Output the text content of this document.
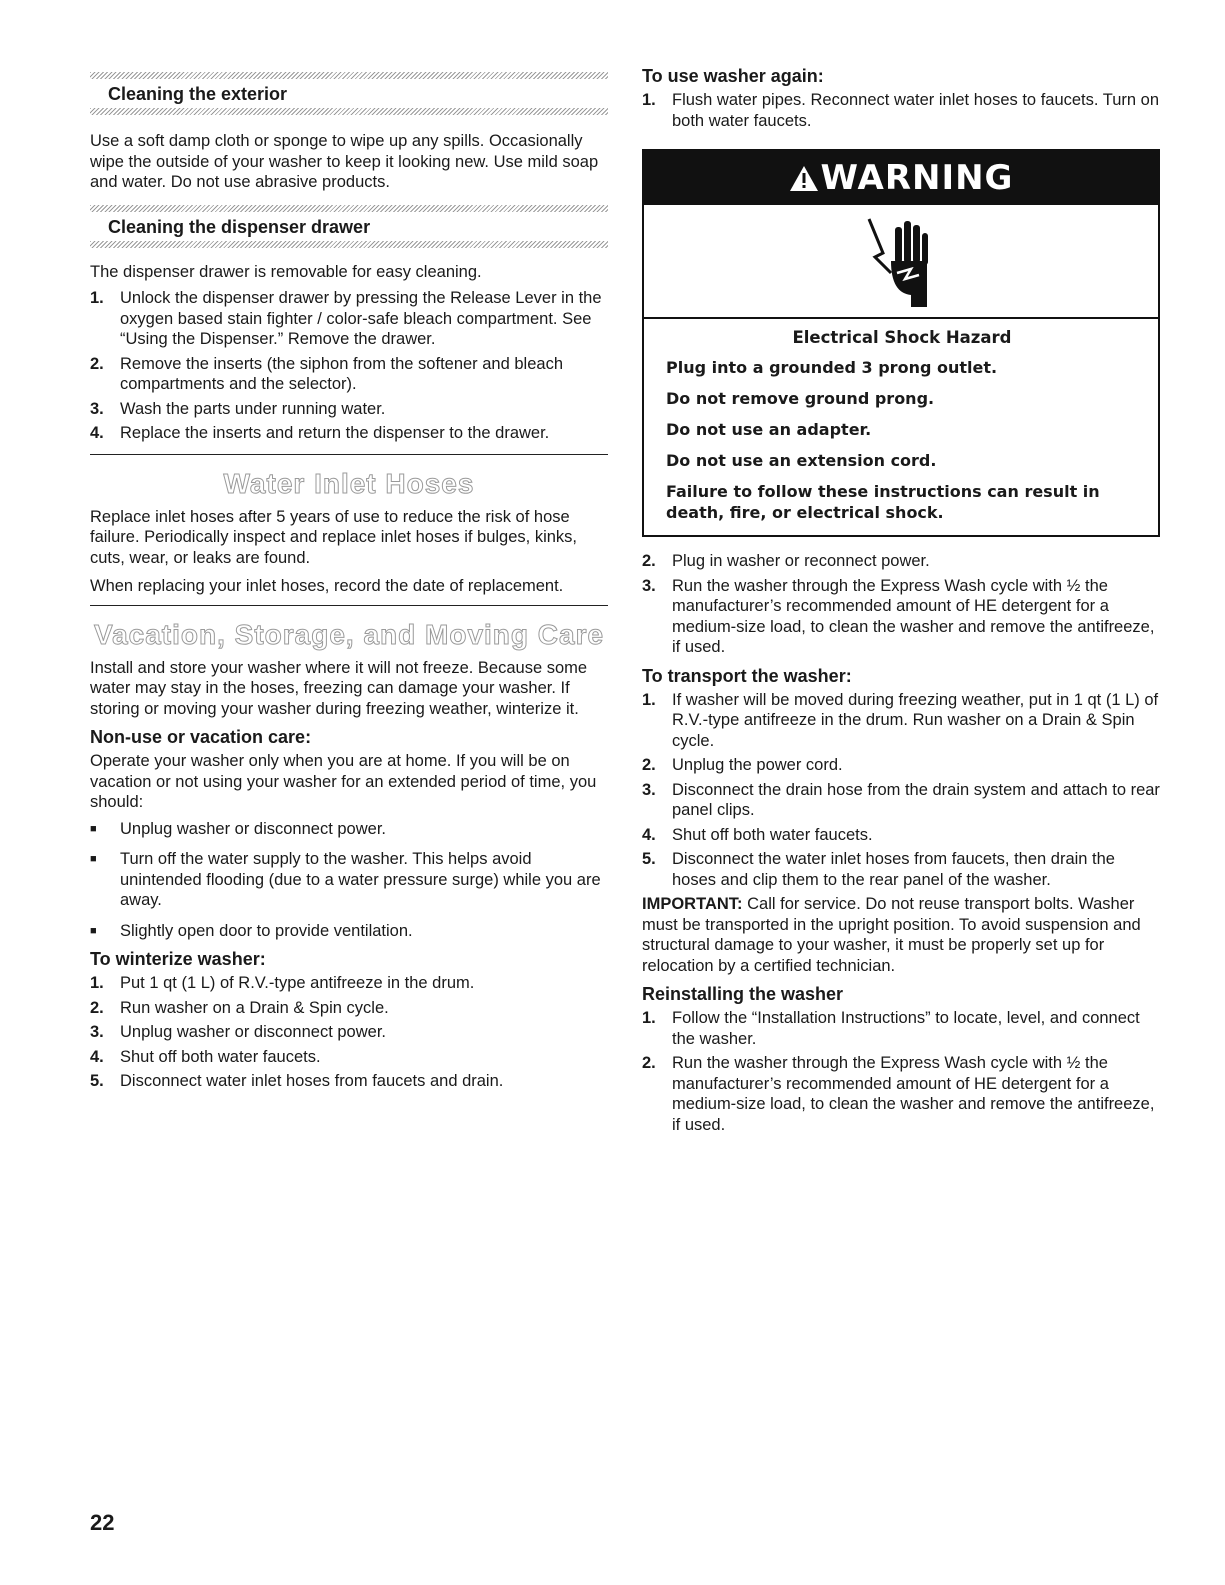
Cleaning the exterior

Use a soft damp cloth or sponge to wipe up any spills. Occasionally wipe the outside of your washer to keep it looking new. Use mild soap and water. Do not use abrasive products.

Cleaning the dispenser drawer

The dispenser drawer is removable for easy cleaning.

1. Unlock the dispenser drawer by pressing the Release Lever in the oxygen based stain fighter / color-safe bleach compartment. See “Using the Dispenser.” Remove the drawer.
2. Remove the inserts (the siphon from the softener and bleach compartments and the selector).
3. Wash the parts under running water.
4. Replace the inserts and return the dispenser to the drawer.
Water Inlet Hoses

Replace inlet hoses after 5 years of use to reduce the risk of hose failure. Periodically inspect and replace inlet hoses if bulges, kinks, cuts, wear, or leaks are found.

When replacing your inlet hoses, record the date of replacement.

Vacation, Storage, and Moving Care

Install and store your washer where it will not freeze. Because some water may stay in the hoses, freezing can damage your washer. If storing or moving your washer during freezing weather, winterize it.

Non-use or vacation care:

Operate your washer only when you are at home. If you will be on vacation or not using your washer for an extended period of time, you should:

■	Unplug washer or disconnect power.
■	Turn off the water supply to the washer. This helps avoid unintended flooding (due to a water pressure surge) while you are away.
■	Slightly open door to provide ventilation.
To winterize washer:
1. Put 1 qt (1 L) of R.V.-type antifreeze in the drum.
2. Run washer on a Drain & Spin cycle.
3. Unplug washer or disconnect power.
4. Shut off both water faucets.
5. Disconnect water inlet hoses from faucets and drain.
To use washer again:
1. Flush water pipes. Reconnect water inlet hoses to faucets. Turn on both water faucets.
WARNING
Electrical Shock Hazard
Plug into a grounded 3 prong outlet.
Do not remove ground prong.
Do not use an adapter.
Do not use an extension cord.
Failure to follow these instructions can result in death, fire, or electrical shock.
2. Plug in washer or reconnect power.
3. Run the washer through the Express Wash cycle with ½ the manufacturer’s recommended amount of HE detergent for a medium-size load, to clean the washer and remove the antifreeze, if used.
To transport the washer:
1. If washer will be moved during freezing weather, put in 1 qt (1 L) of R.V.-type antifreeze in the drum. Run washer on a Drain & Spin cycle.
2. Unplug the power cord.
3. Disconnect the drain hose from the drain system and attach to rear panel clips.
4. Shut off both water faucets.
5. Disconnect the water inlet hoses from faucets, then drain the hoses and clip them to the rear panel of the washer.

IMPORTANT: Call for service. Do not reuse transport bolts. Washer must be transported in the upright position. To avoid suspension and structural damage to your washer, it must be properly set up for relocation by a certified technician.

Reinstalling the washer
1. Follow the “Installation Instructions” to locate, level, and connect the washer.
2. Run the washer through the Express Wash cycle with ½ the manufacturer’s recommended amount of HE detergent for a medium-size load, to clean the washer and remove the antifreeze, if used.
22
